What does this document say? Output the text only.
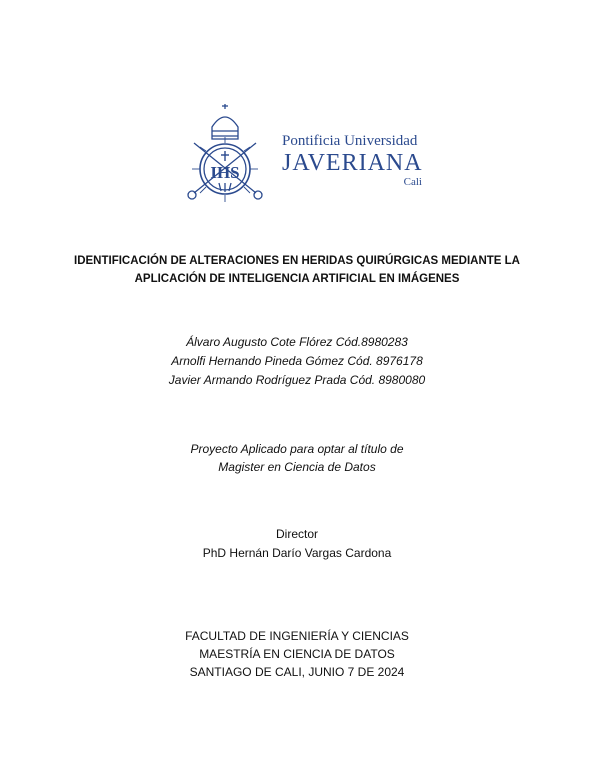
IHS
Pontificia Universidad
JAVERIANA
Cali
IDENTIFICACIÓN DE ALTERACIONES EN HERIDAS QUIRÚRGICAS MEDIANTE LA
APLICACIÓN DE INTELIGENCIA ARTIFICIAL EN IMÁGENES
Álvaro Augusto Cote Flórez Cód.8980283
Arnolfi Hernando Pineda Gómez Cód. 8976178
Javier Armando Rodríguez Prada Cód. 8980080
Proyecto Aplicado para optar al título de
Magister en Ciencia de Datos
Director
PhD Hernán Darío Vargas Cardona
FACULTAD DE INGENIERÍA Y CIENCIAS
MAESTRÍA EN CIENCIA DE DATOS
SANTIAGO DE CALI, JUNIO 7 DE 2024
